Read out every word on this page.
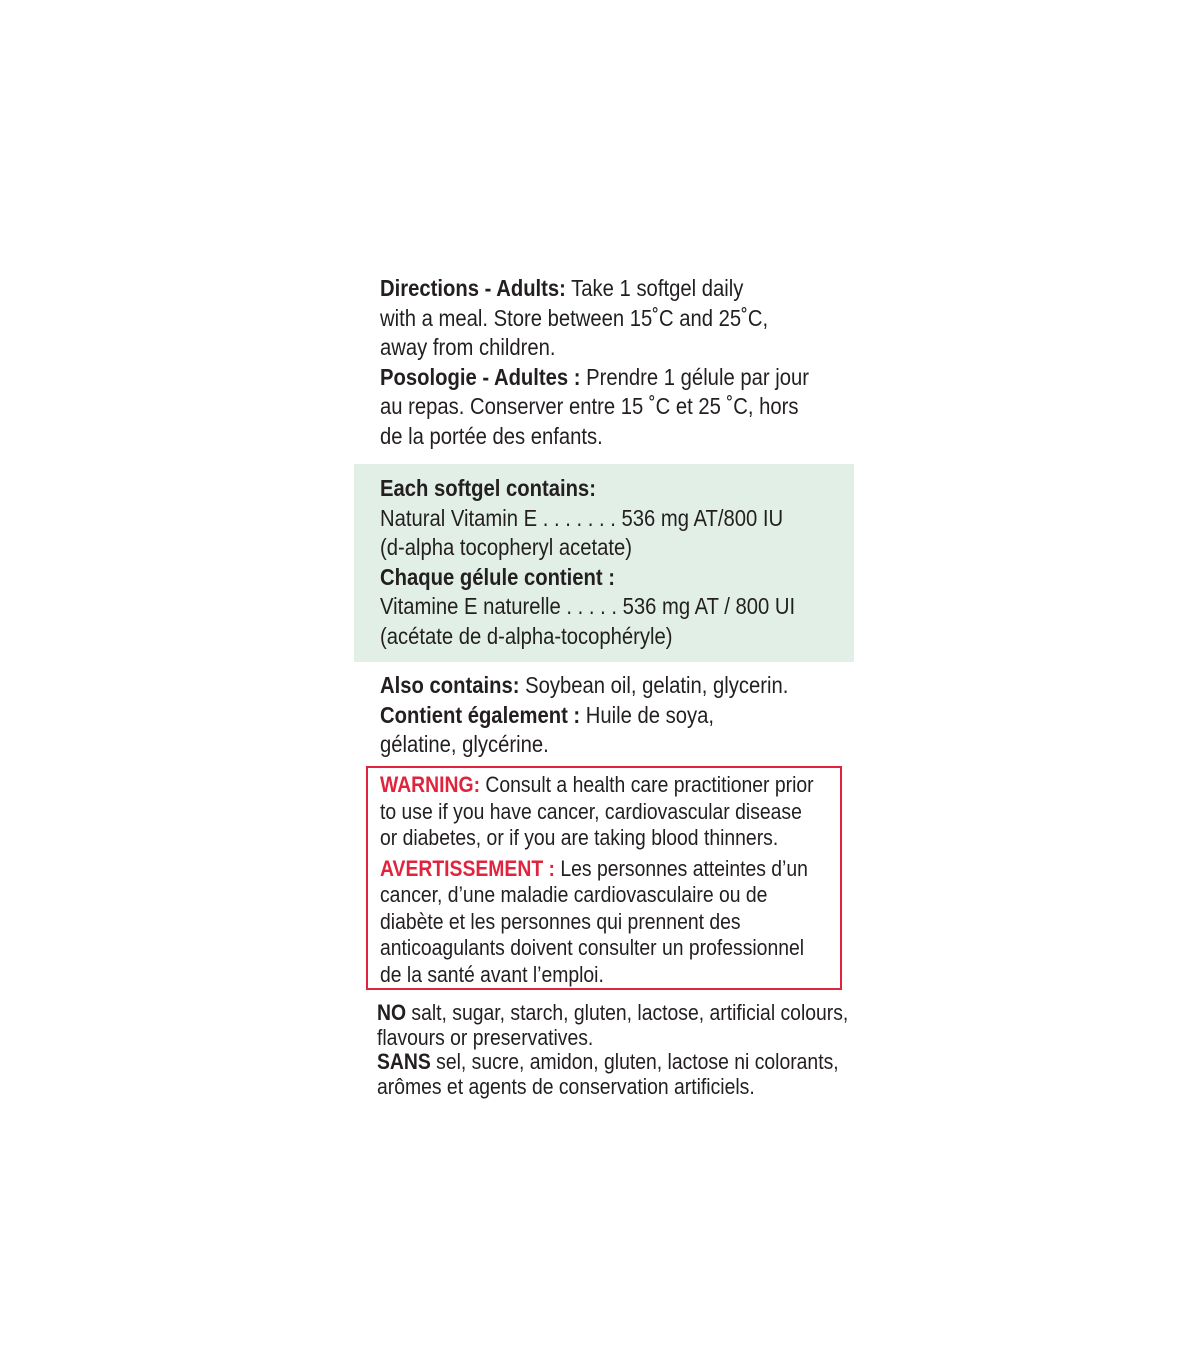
Directions - Adults: Take 1 softgel daily
with a meal. Store between 15˚C and 25˚C,
away from children.
Posologie - Adultes : Prendre 1 gélule par jour
au repas. Conserver entre 15 ˚C et 25 ˚C, hors
de la portée des enfants.
Each softgel contains:
Natural Vitamin E . . . . . . . 536 mg AT/800 IU
(d-alpha tocopheryl acetate)
Chaque gélule contient :
Vitamine E naturelle . . . . . 536 mg AT / 800 UI
(acétate de d-alpha-tocophéryle)
Also contains: Soybean oil, gelatin, glycerin.
Contient également : Huile de soya,
gélatine, glycérine.
WARNING: Consult a health care practitioner prior
to use if you have cancer, cardiovascular disease
or diabetes, or if you are taking blood thinners.
AVERTISSEMENT : Les personnes atteintes d’un
cancer, d’une maladie cardiovasculaire ou de
diabète et les personnes qui prennent des
anticoagulants doivent consulter un professionnel
de la santé avant l’emploi.
NO salt, sugar, starch, gluten, lactose, artificial colours,
flavours or preservatives.
SANS sel, sucre, amidon, gluten, lactose ni colorants,
arômes et agents de conservation artificiels.
